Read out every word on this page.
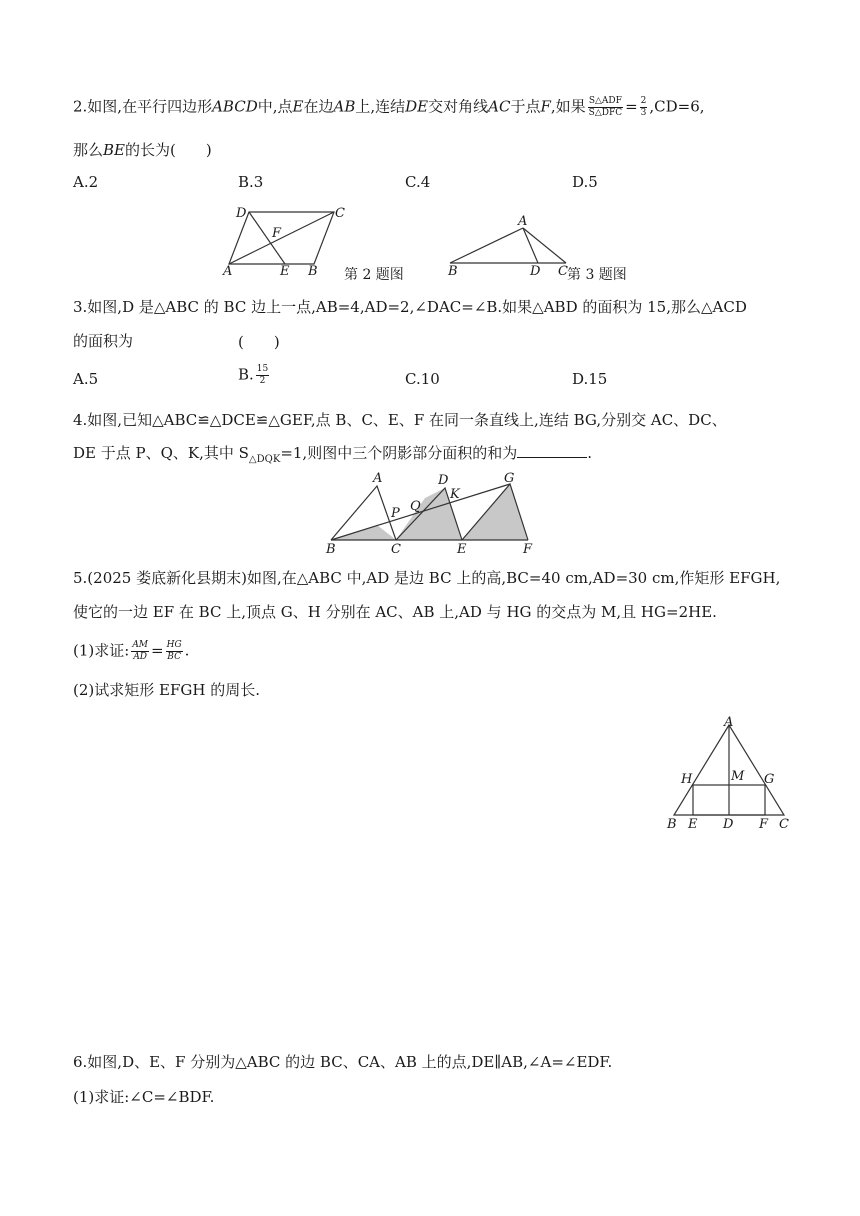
2.如图,在平行四边形ABCD中,点E在边AB上,连结DE交对角线AC于点F,如果 $\frac{\text{S△ADF}}{\text{S△DFC}} = \frac{2}{3} ,CD=6$,
那么BE的长为(　　)
A.2	B.3	C.4	D.5
D	C
F
A	E B 第 2 题图
A
B	D C 第 3 题图
3.如图,D 是△ABC 的 BC 边上一点,AB=4,AD=2,∠DAC=∠B.如果△ABD 的面积为 15,那么△ACD
的面积为	(　　)
A.5	B. $\frac{15}{2}$	C.10	D.15
4.如图,已知△ABC≌△DCE≌△GEF,点 B、C、E、F 在同一条直线上,连结 BG,分别交 AC、DC、
DE 于点 P、Q、K,其中 $S_{\triangle DQK}=1$,则图中三个阴影部分面积的和为	.
A	D	G
P Q
K
B	C	E	F
5.(2025 娄底新化县期末)如图,在△ABC 中,AD 是边 BC 上的高,BC=40 cm,AD=30 cm,作矩形 EFGH,
使它的一边 EF 在 BC 上,顶点 G、H 分别在 AC、AB 上,AD 与 HG 的交点为 M,且 HG=2HE.
(1)求证: $\frac{AM}{AD} = \frac{HG}{BC}$ .
(2)试求矩形 EFGH 的周长.
A
H	M G
B E D F C
6.如图,D、E、F 分别为△ABC 的边 BC、CA、AB 上的点,DE∥AB,∠A=∠EDF.
(1)求证:∠C=∠BDF.
